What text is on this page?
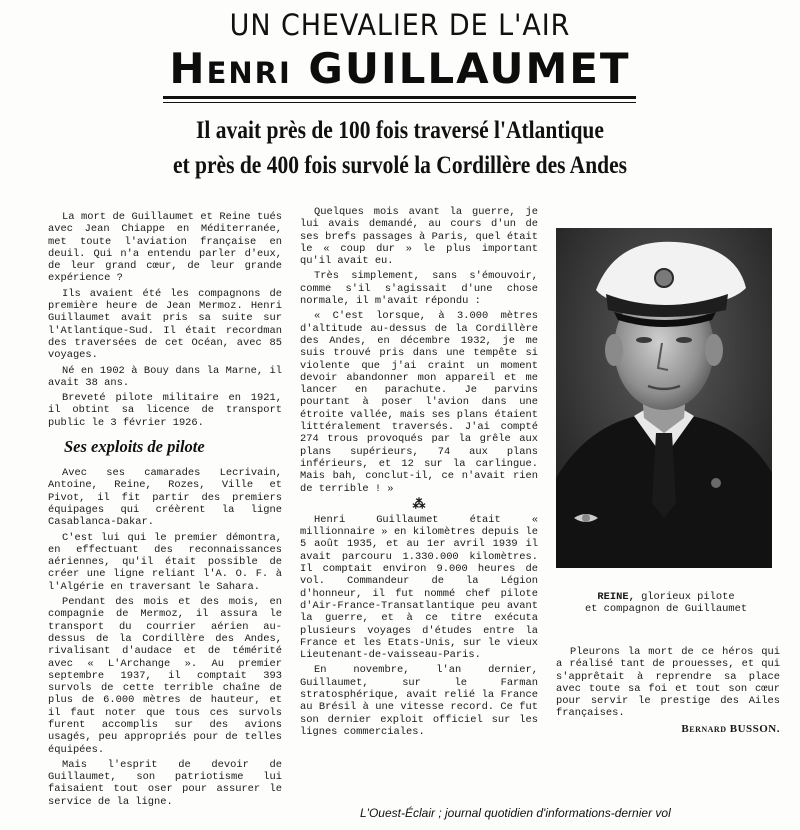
UN CHEVALIER DE L'AIR
Henri GUILLAUMET
Il avait près de 100 fois traversé l'Atlantique
et près de 400 fois survolé la Cordillère des Andes

La mort de Guillaumet et Reine tués avec Jean Chiappe en Méditerranée, met toute l'aviation française en deuil. Qui n'a entendu parler d'eux, de leur grand cœur, de leur grande expérience ?

Ils avaient été les compagnons de première heure de Jean Mermoz. Henri Guillaumet avait pris sa suite sur l'Atlantique-Sud. Il était recordman des traversées de cet Océan, avec 85 voyages.

Né en 1902 à Bouy dans la Marne, il avait 38 ans.

Breveté pilote militaire en 1921, il obtint sa licence de transport public le 3 février 1926.

Ses exploits de pilote

Avec ses camarades Lecrivain, Antoine, Reine, Rozes, Ville et Pivot, il fit partir des premiers équipages qui créèrent la ligne Casablanca-Dakar.

C'est lui qui le premier démontra, en effectuant des reconnaissances aériennes, qu'il était possible de créer une ligne reliant l'A. O. F. à l'Algérie en traversant le Sahara.

Pendant des mois et des mois, en compagnie de Mermoz, il assura le transport du courrier aérien au-dessus de la Cordillère des Andes, rivalisant d'audace et de témérité avec « L'Archange ». Au premier septembre 1937, il comptait 393 survols de cette terrible chaîne de plus de 6.000 mètres de hauteur, et il faut noter que tous ces survols furent accomplis sur des avions usagés, peu appropriés pour de telles équipées.

Mais l'esprit de devoir de Guillaumet, son patriotisme lui faisaient tout oser pour assurer le service de la ligne.

Quelques mois avant la guerre, je lui avais demandé, au cours d'un de ses brefs passages à Paris, quel était le « coup dur » le plus important qu'il avait eu.

Très simplement, sans s'émouvoir, comme s'il s'agissait d'une chose normale, il m'avait répondu :

« C'est lorsque, à 3.000 mètres d'altitude au-dessus de la Cordillère des Andes, en décembre 1932, je me suis trouvé pris dans une tempête si violente que j'ai craint un moment devoir abandonner mon appareil et me lancer en parachute. Je parvins pourtant à poser l'avion dans une étroite vallée, mais ses plans étaient littéralement traversés. J'ai compté 274 trous provoqués par la grêle aux plans supérieurs, 74 aux plans inférieurs, et 12 sur la carlingue. Mais bah, conclut-il, ce n'avait rien de terrible ! »

⁂

Henri Guillaumet était « millionnaire » en kilomètres depuis le 5 août 1935, et au 1er avril 1939 il avait parcouru 1.330.000 kilomètres. Il comptait environ 9.000 heures de vol. Commandeur de la Légion d'honneur, il fut nommé chef pilote d'Air-France-Transatlantique peu avant la guerre, et à ce titre exécuta plusieurs voyages d'études entre la France et les Etats-Unis, sur le vieux Lieutenant-de-vaisseau-Paris.

En novembre, l'an dernier, Guillaumet, sur le Farman stratosphérique, avait relié la France au Brésil à une vitesse record. Ce fut son dernier exploit officiel sur les lignes commerciales.

REINE, glorieux pilote
et compagnon de Guillaumet

Pleurons la mort de ce héros qui a réalisé tant de prouesses, et qui s'apprêtait à reprendre sa place avec toute sa foi et tout son cœur pour servir le prestige des Ailes françaises.

Bernard BUSSON.
L'Ouest-Éclair ; journal quotidien d'informations-dernier vol
